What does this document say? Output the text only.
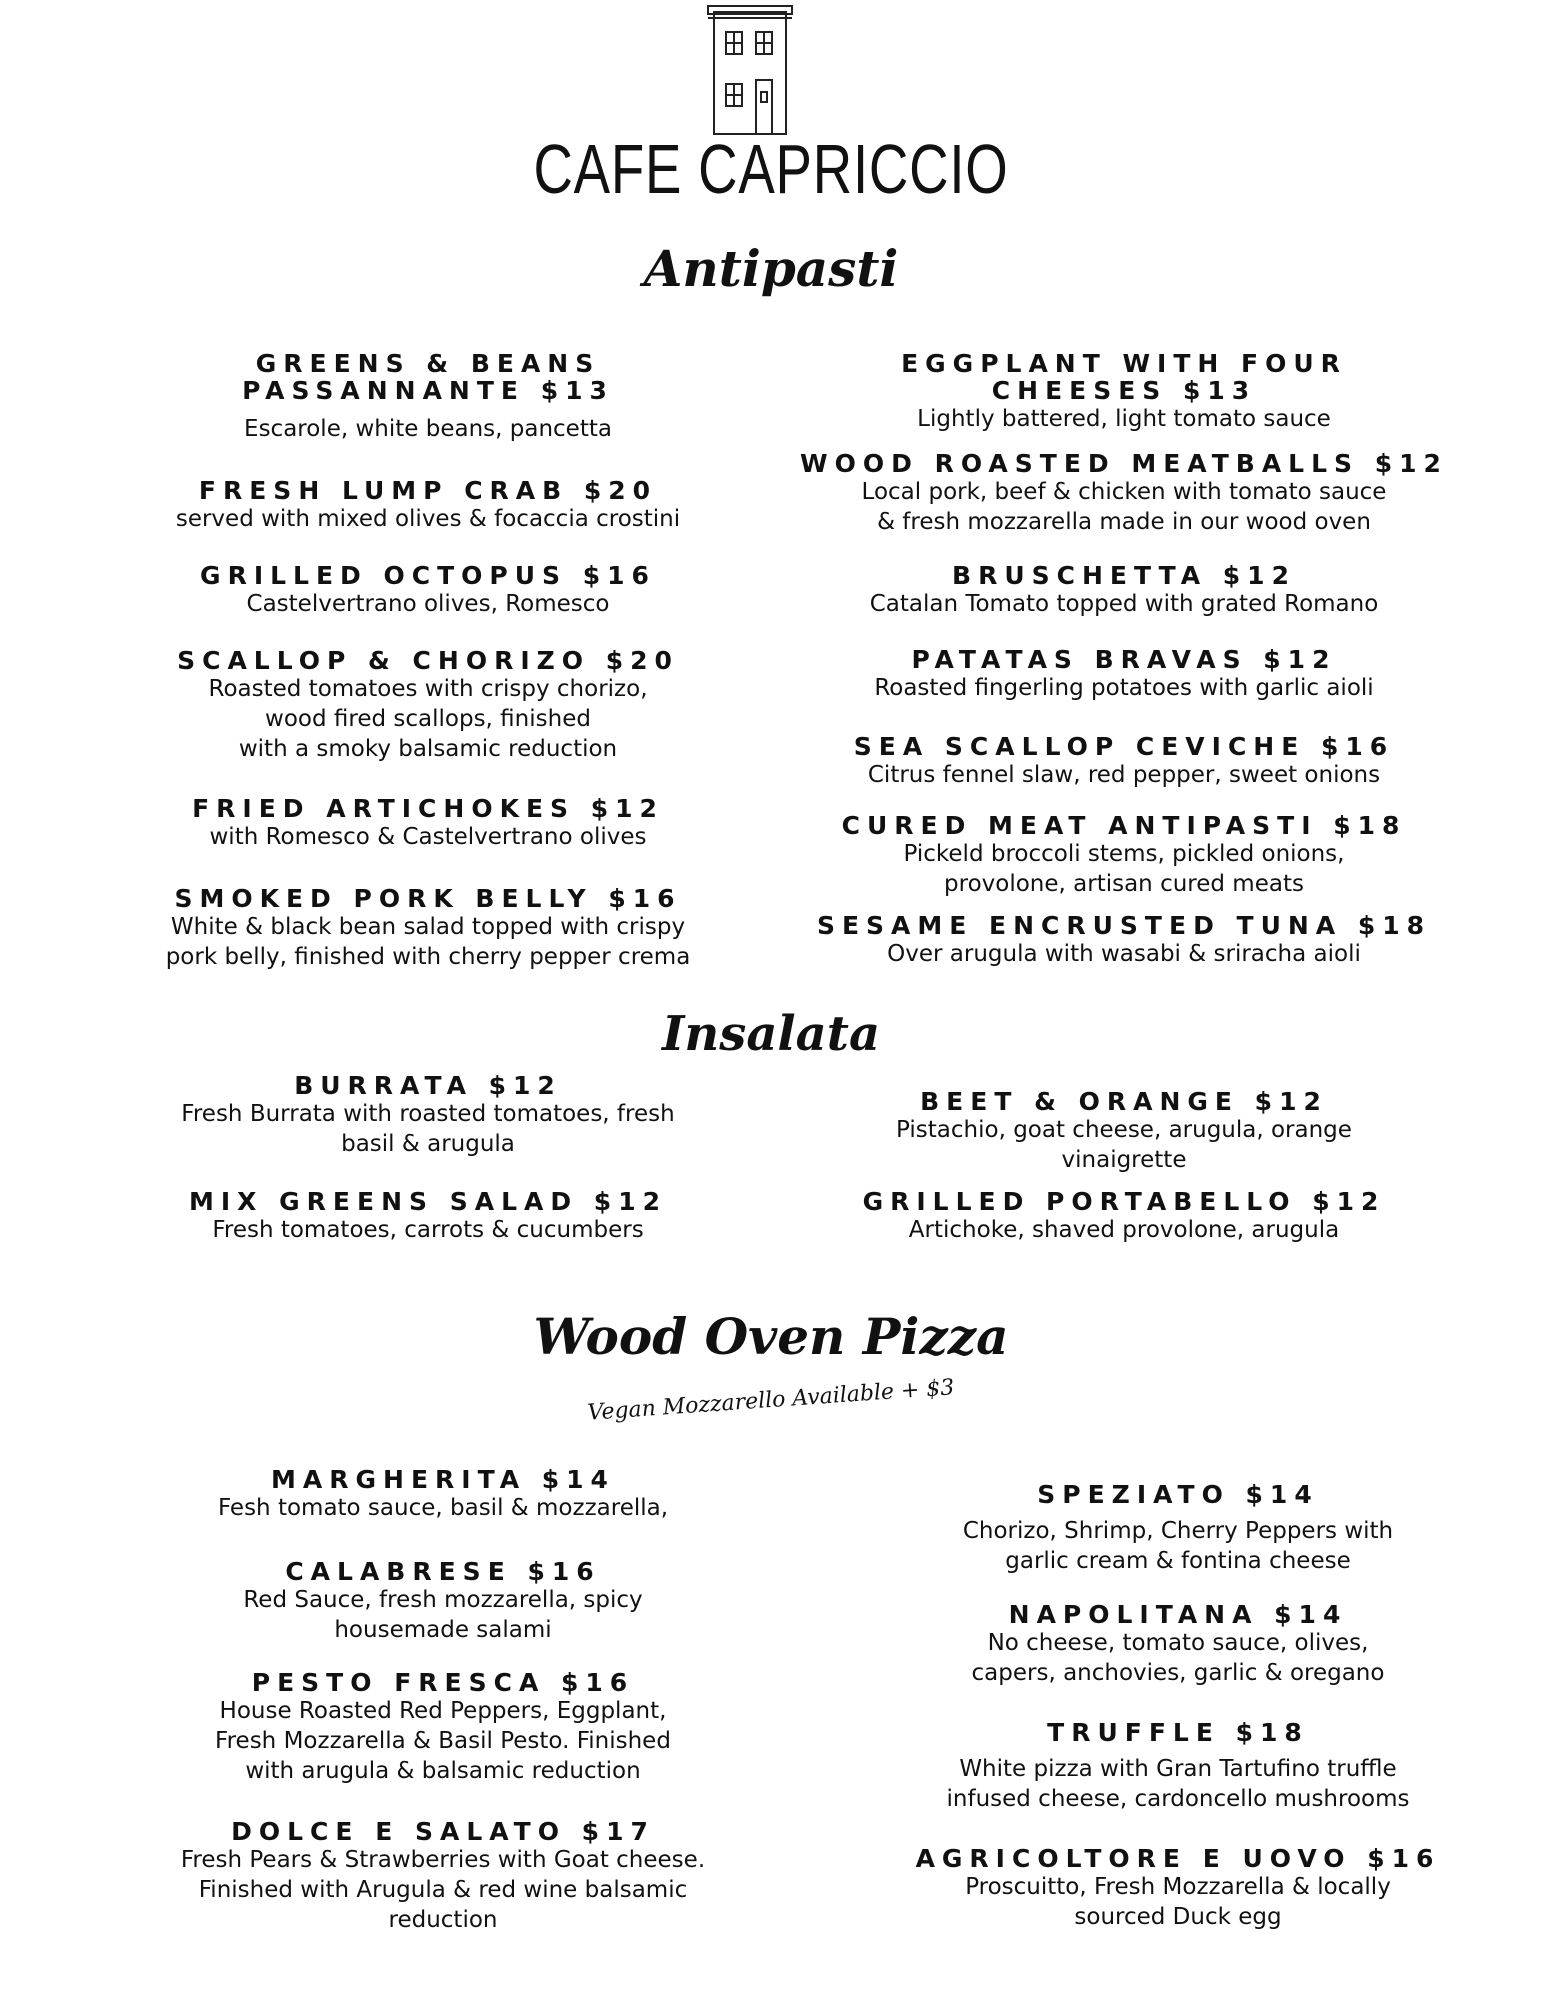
CAFE CAPRICCIO
Antipasti
GREENS & BEANS
PASSANNANTE $13
Escarole, white beans, pancetta
FRESH LUMP CRAB $20
served with mixed olives & focaccia crostini
GRILLED OCTOPUS $16
Castelvertrano olives, Romesco
SCALLOP & CHORIZO $20
Roasted tomatoes with crispy chorizo,
wood fired scallops, finished
with a smoky balsamic reduction
FRIED ARTICHOKES $12
with Romesco & Castelvertrano olives
SMOKED PORK BELLY $16
White & black bean salad topped with crispy
pork belly, finished with cherry pepper crema
EGGPLANT WITH FOUR
CHEESES $13
Lightly battered, light tomato sauce
WOOD ROASTED MEATBALLS $12
Local pork, beef & chicken with tomato sauce
& fresh mozzarella made in our wood oven
BRUSCHETTA $12
Catalan Tomato topped with grated Romano
PATATAS BRAVAS $12
Roasted fingerling potatoes with garlic aioli
SEA SCALLOP CEVICHE $16
Citrus fennel slaw, red pepper, sweet onions
CURED MEAT ANTIPASTI $18
Pickeld broccoli stems, pickled onions,
provolone, artisan cured meats
SESAME ENCRUSTED TUNA $18
Over arugula with wasabi & sriracha aioli
Insalata
BURRATA $12
Fresh Burrata with roasted tomatoes, fresh
basil & arugula
MIX GREENS SALAD $12
Fresh tomatoes, carrots & cucumbers
BEET & ORANGE $12
Pistachio, goat cheese, arugula, orange
vinaigrette
GRILLED PORTABELLO $12
Artichoke, shaved provolone, arugula
Wood Oven Pizza
Vegan Mozzarello Available + $3
MARGHERITA $14
Fesh tomato sauce, basil & mozzarella,
CALABRESE $16
Red Sauce, fresh mozzarella, spicy
housemade salami
PESTO FRESCA $16
House Roasted Red Peppers, Eggplant,
Fresh Mozzarella & Basil Pesto. Finished
with arugula & balsamic reduction
DOLCE E SALATO $17
Fresh Pears & Strawberries with Goat cheese.
Finished with Arugula & red wine balsamic
reduction
SPEZIATO $14
Chorizo, Shrimp, Cherry Peppers with
garlic cream & fontina cheese
NAPOLITANA $14
No cheese, tomato sauce, olives,
capers, anchovies, garlic & oregano
TRUFFLE $18
White pizza with Gran Tartufino truffle
infused cheese, cardoncello mushrooms
AGRICOLTORE E UOVO $16
Proscuitto, Fresh Mozzarella & locally
sourced Duck egg
